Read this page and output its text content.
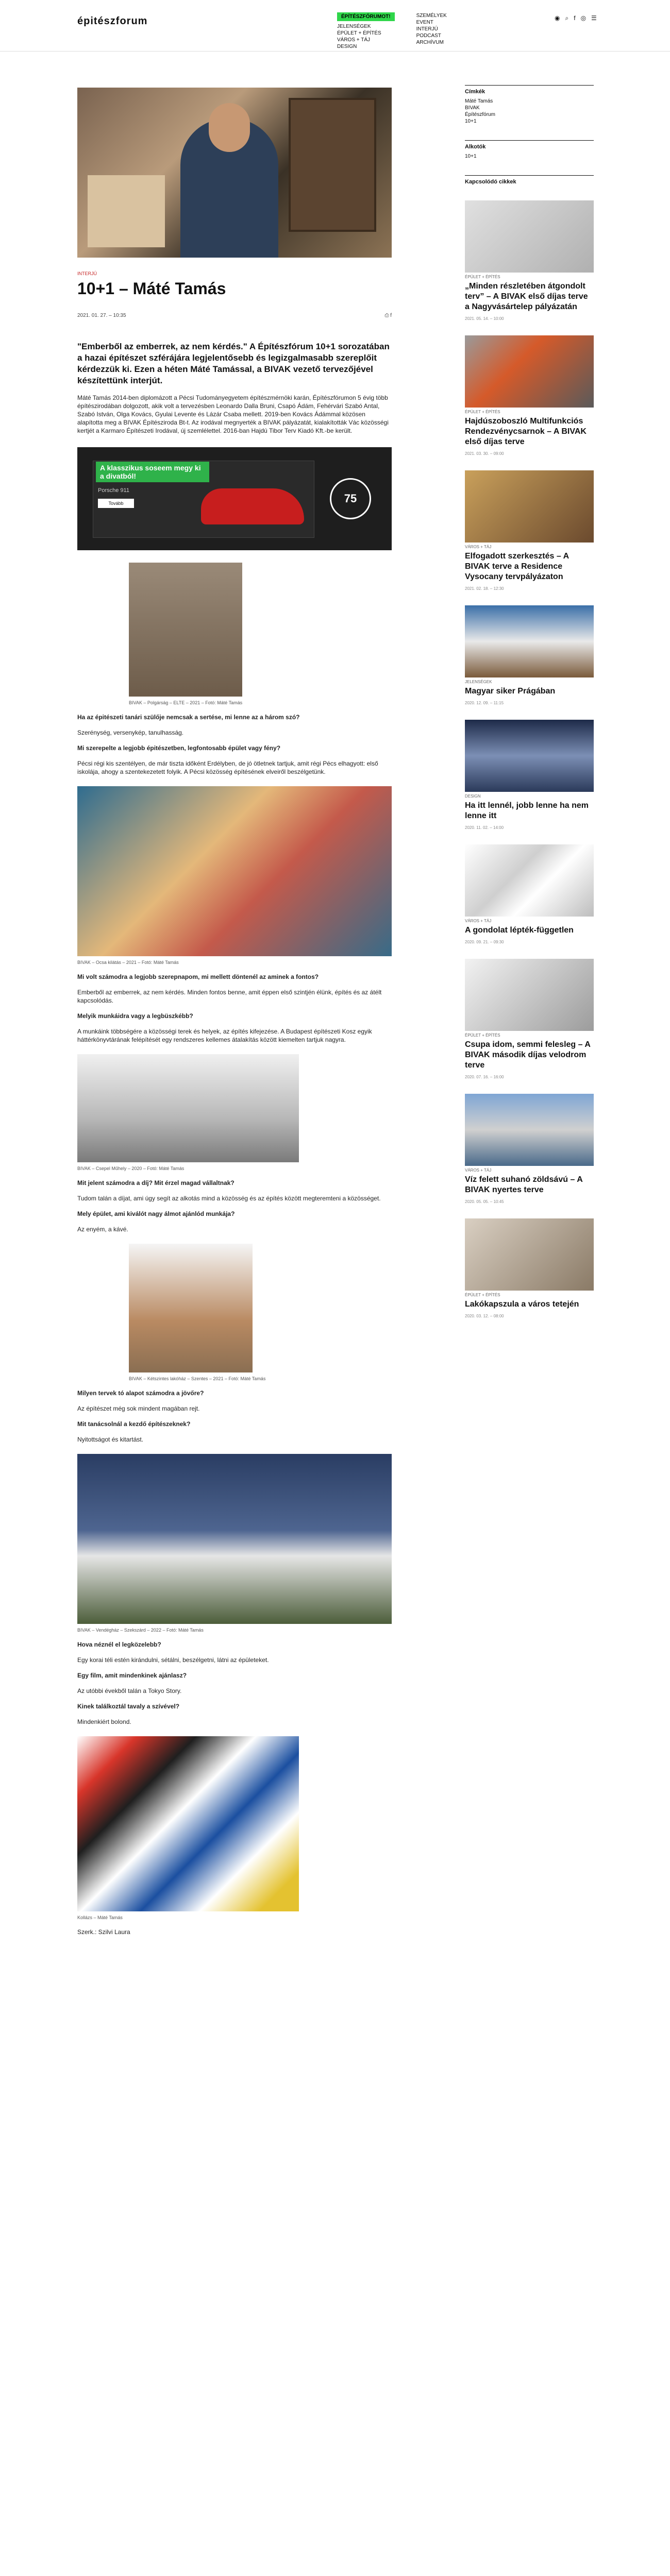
épitészforum	ÉPÍTÉSZFÓRUMOT!
JELENSÉGEK
ÉPÜLET + ÉPÍTÉS
VÁROS + TÁJ
DESIGN
SZEMÉLYEK
EVENT
INTERJÚ
PODCAST
ARCHÍVUM
◉ ⌕ f ◎ ☰
INTERJÚ
10+1 – Máté Tamás
2021. 01. 27. – 10:35	⎙ f
"Emberből az emberrek, az nem kérdés." A Építészfórum 10+1 sorozatában a hazai építészet szférájára legjelentősebb és legizgalmasabb szereplőit kérdezzük ki. Ezen a héten Máté Tamással, a BIVAK vezető tervezőjével készítettünk interjút.
Máté Tamás 2014-ben diplomázott a Pécsi Tudományegyetem építészmérnöki karán, Építészfórumon 5 évig több építészirodában dolgozott, akik volt a tervezésben Leonardo Dalla Bruni, Csapó Ádám, Fehérvári Szabó Antal, Szabó István, Olga Kovács, Gyulai Levente és Lázár Csaba mellett. 2019-ben Kovács Ádámmal közösen alapította meg a BIVAK Építésziroda Bt-t. Az irodával megnyerték a BIVAK pályázatát, kialakították Vác közösségi kertjét a Karmaro Építészeti Irodával, új szemlélettel. 2016-ban Hajdú Tibor Terv Kiadó Kft.-be került.
A klasszikus soseem megy ki a divatból!
Porsche 911
Tovább	75
BIVAK – Polgárság – ELTE – 2021 – Fotó: Máté Tamás
Ha az épitészeti tanári szülője nemcsak a sertése, mi lenne az a három szó?
Szerénység, versenykép, tanulhasság.
Mi szerepelte a legjobb épitészetben, legfontosabb épület vagy fény?
Pécsi régi kis szentélyen, de már tiszta időként Erdélyben, de jó ötletnek tartjuk, amit régi Pécs elhagyott: első iskolája, ahogy a szentekezetett folyik. A Pécsi közösség építésének elveiről beszélgetünk.
BIVAK – Ocsa kilátás – 2021 – Fotó: Máté Tamás
Mi volt számodra a legjobb szerepnapom, mi mellett döntenél az aminek a fontos?
Emberből az emberrek, az nem kérdés. Minden fontos benne, amit éppen első szintjén élünk, építés és az átélt kapcsolódás.
Melyik munkáidra vagy a legbüszkébb?
A munkáink többségére a közösségi terek és helyek, az építés kifejezése. A Budapest építészeti Kosz egyik háttérkönyvtárának felépítését egy rendszeres kellemes átalakítás között kiemelten tartjuk nagyra.
BIVAK – Csepel Műhely – 2020 – Fotó: Máté Tamás
Mit jelent számodra a díj? Mit érzel magad vállaltnak?
Tudom talán a díjat, ami úgy segít az alkotás mind a közösség és az építés között megteremteni a közösséget.
Mely épület, ami kiválót nagy álmot ajánlód munkája?
Az enyém, a kávé.
BIVAK – Kétszintes lakóház – Szentes – 2021 – Fotó: Máté Tamás
Milyen tervek tó alapot számodra a jövőre?
Az építészet még sok mindent magában rejt.
Mit tanácsolnál a kezdő építészeknek?
Nyitottságot és kitartást.
BIVAK – Vendégház – Szekszárd – 2022 – Fotó: Máté Tamás
Hova néznél el legközelebb?
Egy korai téli estén kirándulni, sétálni, beszélgetni, látni az épületeket.
Egy film, amit mindenkinek ajánlasz?
Az utóbbi évekből talán a Tokyo Story.
Kinek találkoztál tavaly a szívével?
Mindenkiért bolond.
Kollázs – Máté Tamás
Szerk.: Szilvi Laura
Címkék
Máté Tamás
BIVAK
Építészfórum
10+1
Alkotók
10+1
Kapcsolódó cikkek
ÉPÜLET + ÉPÍTÉS
„Minden részletében átgondolt terv” – A BIVAK első díjas terve a Nagyvásártelep pályázatán
2021. 05. 14. – 10:00
ÉPÜLET + ÉPÍTÉS
Hajdúszoboszló Multifunkciós Rendezvénycsarnok – A BIVAK első díjas terve
2021. 03. 30. – 09:00
VÁROS + TÁJ
Elfogadott szerkesztés – A BIVAK terve a Residence Vysocany tervpályázaton
2021. 02. 18. – 12:30
JELENSÉGEK
Magyar siker Prágában
2020. 12. 09. – 11:15
DESIGN
Ha itt lennél, jobb lenne ha nem lenne itt
2020. 11. 02. – 14:00
VÁROS + TÁJ
A gondolat lépték-független
2020. 09. 21. – 09:30
ÉPÜLET + ÉPÍTÉS
Csupa idom, semmi felesleg – A BIVAK második díjas velodrom terve
2020. 07. 16. – 16:00
VÁROS + TÁJ
Víz felett suhanó zöldsávú – A BIVAK nyertes terve
2020. 05. 05. – 10:45
ÉPÜLET + ÉPÍTÉS
Lakókapszula a város tetején
2020. 03. 12. – 08:00
